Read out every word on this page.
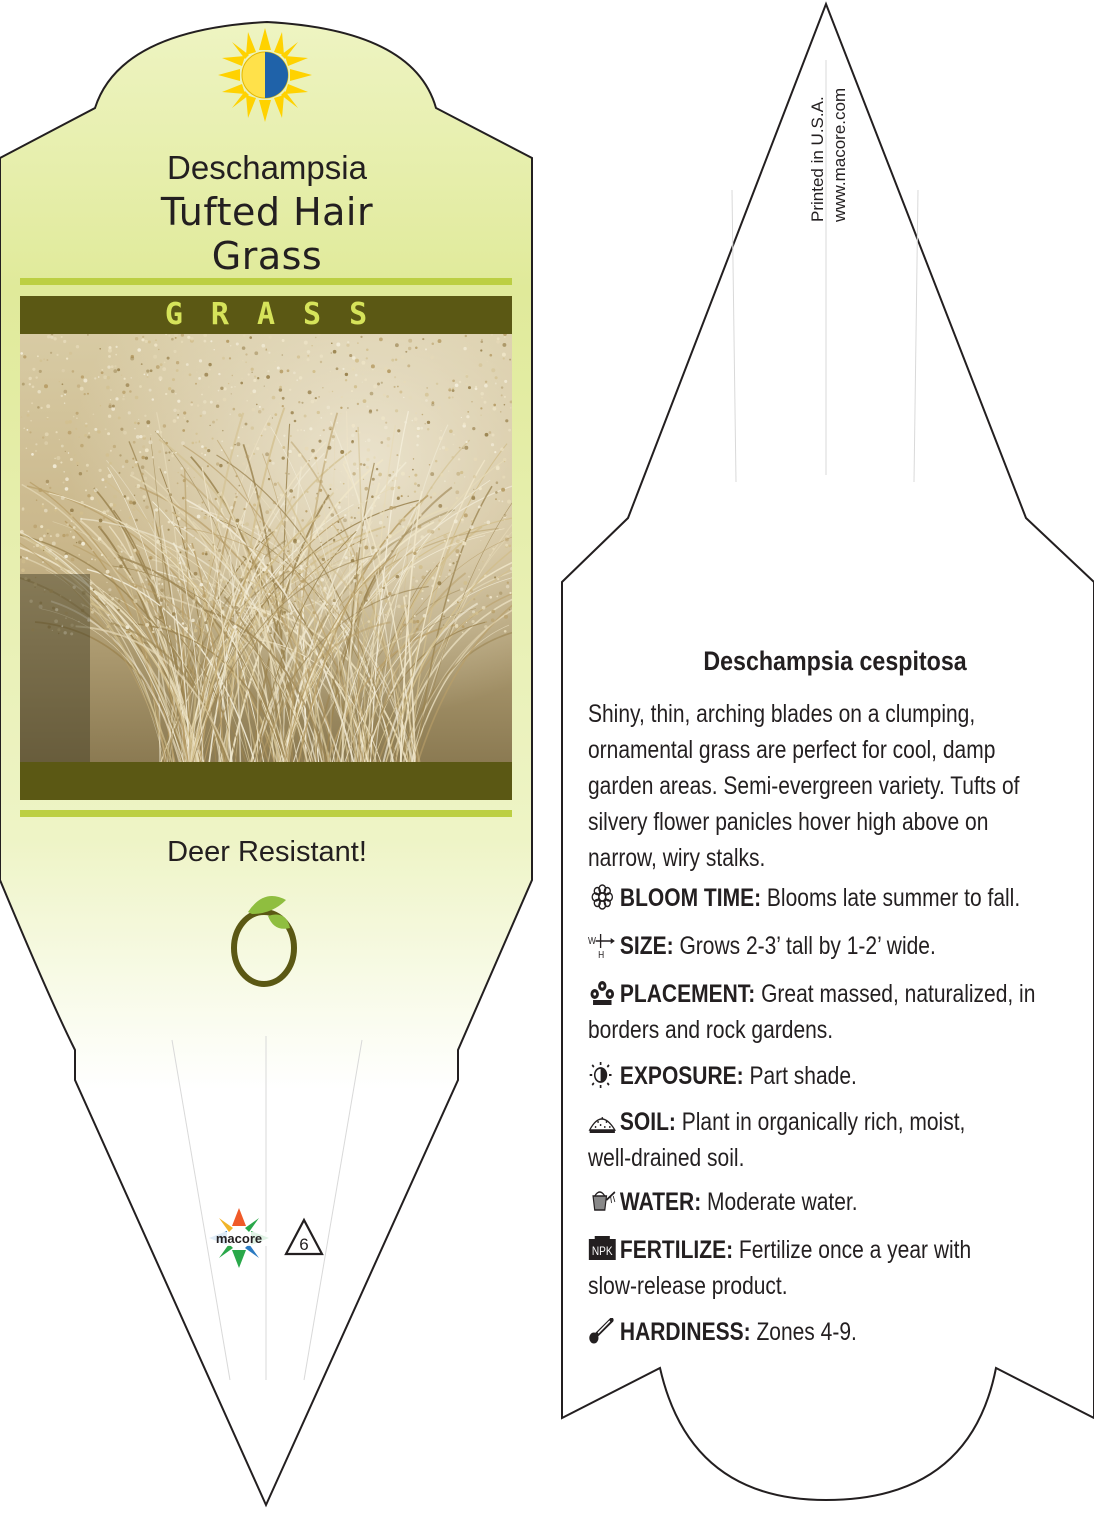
Deschampsia
Tufted Hair
Grass
GRASS
Deer Resistant!
macore 6
Printed in U.S.A. www.macore.com
Deschampsia cespitosa
Shiny, thin, arching blades on a clumping,
ornamental grass are perfect for cool, damp
garden areas. Semi-evergreen variety. Tufts of
silvery flower panicles hover high above on
narrow, wiry stalks.
BLOOM TIME: Blooms late summer to fall.
W
H SIZE: Grows 2-3’ tall by 1-2’ wide.
PLACEMENT: Great massed, naturalized, in
borders and rock gardens.
EXPOSURE: Part shade.
SOIL: Plant in organically rich, moist,
well-drained soil.
WATER: Moderate water.
NPK FERTILIZE: Fertilize once a year with
slow-release product.
HARDINESS: Zones 4-9.
